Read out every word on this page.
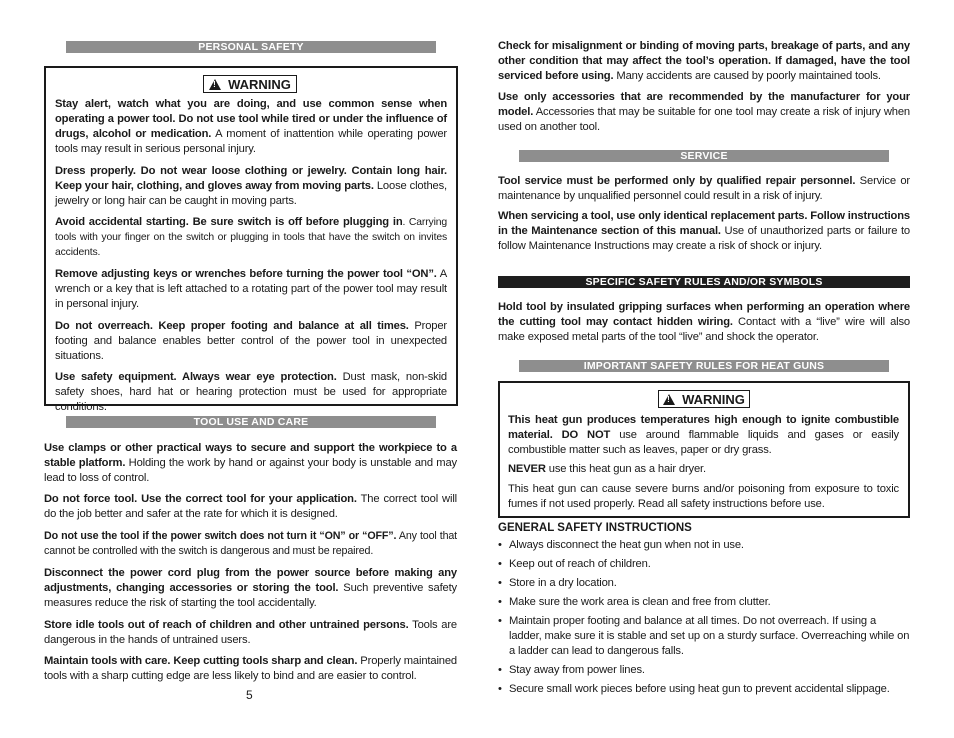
PERSONAL SAFETY
!WARNING

Stay alert, watch what you are doing, and use common sense when operating a power tool. Do not use tool while tired or under the influence of drugs, alcohol or medication. A moment of inattention while operating power tools may result in serious personal injury.

Dress properly. Do not wear loose clothing or jewelry. Contain long hair. Keep your hair, clothing, and gloves away from moving parts. Loose clothes, jewelry or long hair can be caught in moving parts.

Avoid accidental starting. Be sure switch is off before plugging in. Carrying tools with your finger on the switch or plugging in tools that have the switch on invites accidents.

Remove adjusting keys or wrenches before turning the power tool “ON”. A wrench or a key that is left attached to a rotating part of the power tool may result in personal injury.

Do not overreach. Keep proper footing and balance at all times. Proper footing and balance enables better control of the power tool in unexpected situations.

Use safety equipment. Always wear eye protection. Dust mask, non-skid safety shoes, hard hat or hearing protection must be used for appropriate conditions.

TOOL USE AND CARE

Use clamps or other practical ways to secure and support the workpiece to a stable platform. Holding the work by hand or against your body is unstable and may lead to loss of control.

Do not force tool. Use the correct tool for your application. The correct tool will do the job better and safer at the rate for which it is designed.

Do not use the tool if the power switch does not turn it “ON” or “OFF”. Any tool that cannot be controlled with the switch is dangerous and must be repaired.

Disconnect the power cord plug from the power source before making any adjustments, changing accessories or storing the tool. Such preventive safety measures reduce the risk of starting the tool accidentally.

Store idle tools out of reach of children and other untrained persons. Tools are dangerous in the hands of untrained users.

Maintain tools with care. Keep cutting tools sharp and clean. Properly maintained tools with a sharp cutting edge are less likely to bind and are easier to control.

5

Check for misalignment or binding of moving parts, breakage of parts, and any other condition that may affect the tool’s operation. If damaged, have the tool serviced before using. Many accidents are caused by poorly maintained tools.

Use only accessories that are recommended by the manufacturer for your model. Accessories that may be suitable for one tool may create a risk of injury when used on another tool.

SERVICE

Tool service must be performed only by qualified repair personnel. Service or maintenance by unqualified personnel could result in a risk of injury.

When servicing a tool, use only identical replacement parts. Follow instructions in the Maintenance section of this manual. Use of unauthorized parts or failure to follow Maintenance Instructions may create a risk of shock or injury.

SPECIFIC SAFETY RULES AND/OR SYMBOLS

Hold tool by insulated gripping surfaces when performing an operation where the cutting tool may contact hidden wiring. Contact with a “live” wire will also make exposed metal parts of the tool “live” and shock the operator.

IMPORTANT SAFETY RULES FOR HEAT GUNS
!WARNING

This heat gun produces temperatures high enough to ignite combustible material. DO NOT use around flammable liquids and gases or easily combustible matter such as leaves, paper or dry grass.

NEVER use this heat gun as a hair dryer.

This heat gun can cause severe burns and/or poisoning from exposure to toxic fumes if not used properly. Read all safety instructions before use.

GENERAL SAFETY INSTRUCTIONS
• Always disconnect the heat gun when not in use.
• Keep out of reach of children.
• Store in a dry location.
• Make sure the work area is clean and free from clutter.
• Maintain proper footing and balance at all times. Do not overreach. If using a ladder, make sure it is stable and set up on a sturdy surface. Overreaching while on a ladder can lead to dangerous falls.
• Stay away from power lines.
• Secure small work pieces before using heat gun to prevent accidental slippage.
